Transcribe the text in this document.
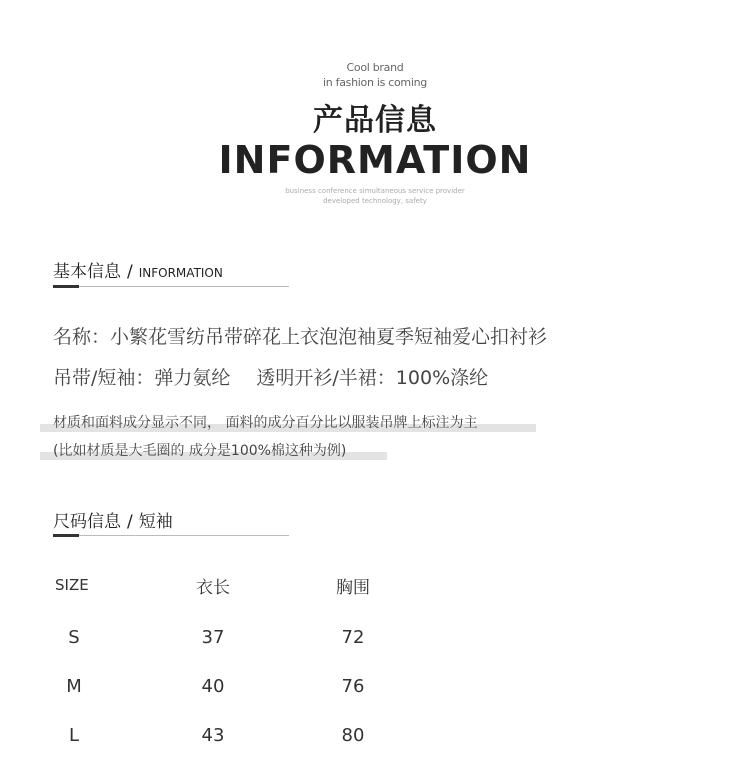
Cool brand
in fashion is coming
产品信息
INFORMATION
business conference simultaneous service provider
developed technology, safety
基本信息 / INFORMATION
名称：小繁花雪纺吊带碎花上衣泡泡袖夏季短袖爱心扣衬衫
吊带/短袖：弹力氨纶 透明开衫/半裙：100%涤纶
材质和面料成分显示不同， 面料的成分百分比以服装吊牌上标注为主
(比如材质是大毛圈的 成分是100%棉这种为例)
尺码信息 / 短袖
SIZE	衣长	胸围
S	37	72
M	40	76
L	43	80
